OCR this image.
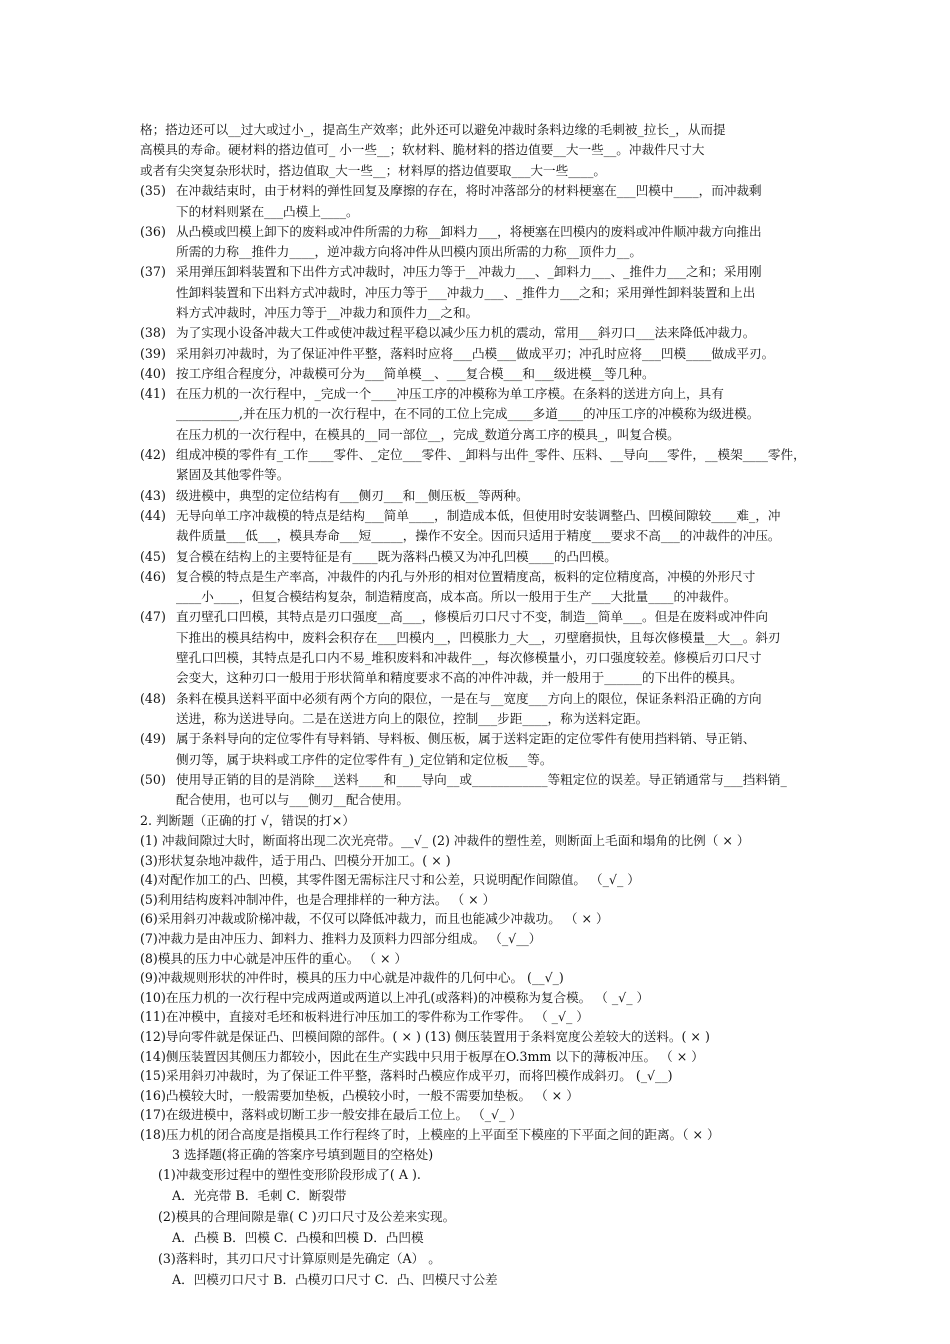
格；搭边还可以__过大或过小_，提高生产效率；此外还可以避免冲裁时条料边缘的毛刺被_拉长_，从而提
高模具的寿命。硬材料的搭边值可_ 小一些__；软材料、脆材料的搭边值要__大一些__。冲裁件尺寸大
或者有尖突复杂形状时，搭边值取_大一些__；材料厚的搭边值要取___大一些____。
(35) 在冲裁结束时，由于材料的弹性回复及摩擦的存在，将时冲落部分的材料梗塞在___凹模中____，而冲裁剩
下的材料则紧在___凸模上____。
(36) 从凸模或凹模上卸下的废料或冲件所需的力称__卸料力___，将梗塞在凹模内的废料或冲件顺冲裁方向推出
所需的力称__推件力____，逆冲裁方向将冲件从凹模内顶出所需的力称__顶件力__。
(37) 采用弹压卸料装置和下出件方式冲裁时，冲压力等于__冲裁力___、_卸料力___、_推件力___之和；采用刚
性卸料装置和下出料方式冲裁时，冲压力等于___冲裁力___、_推件力___之和；采用弹性卸料装置和上出
料方式冲裁时，冲压力等于__冲裁力和顶件力__之和。
(38) 为了实现小设备冲裁大工件或使冲裁过程平稳以减少压力机的震动，常用___斜刃口___法来降低冲裁力。
(39) 采用斜刃冲裁时，为了保证冲件平整，落料时应将___凸模___做成平刃；冲孔时应将___凹模____做成平刃。
(40) 按工序组合程度分，冲裁模可分为___简单模__、___复合模___和___级进模__等几种。
(41) 在压力机的一次行程中，_完成一个____冲压工序的冲模称为单工序模。在条料的送进方向上，具有
__________,并在压力机的一次行程中，在不同的工位上完成____多道____的冲压工序的冲模称为级进模。
在压力机的一次行程中，在模具的__同一部位__，完成_数道分离工序的模具_，叫复合模。
(42) 组成冲模的零件有_工作____零件、_定位___零件、_卸料与出件_零件、压料、__导向___零件，__模架____零件，
紧固及其他零件等。
(43) 级进模中，典型的定位结构有___侧刃___和__侧压板__等两种。
(44) 无导向单工序冲裁模的特点是结构___简单____，制造成本低，但使用时安装调整凸、凹模间隙较____难_，冲
裁件质量___低___，模具寿命___短_____，操作不安全。因而只适用于精度___要求不高___的冲裁件的冲压。
(45) 复合模在结构上的主要特征是有____既为落料凸模又为冲孔凹模____的凸凹模。
(46) 复合模的特点是生产率高，冲裁件的内孔与外形的相对位置精度高，板料的定位精度高，冲模的外形尺寸
____小____，但复合模结构复杂，制造精度高，成本高。所以一般用于生产___大批量____的冲裁件。
(47) 直刃壁孔口凹模，其特点是刃口强度__高___，修模后刃口尺寸不变，制造__简单___。但是在废料或冲件向
下推出的模具结构中，废料会积存在___凹模内__，凹模胀力_大__，刃壁磨损快，且每次修模量__大__。斜刃
壁孔口凹模，其特点是孔口内不易_堆积废料和冲裁件__，每次修模量小，刃口强度较差。修模后刃口尺寸
会变大，这种刃口一般用于形状简单和精度要求不高的冲件冲裁，并一般用于______的下出件的模具。
(48) 条料在模具送料平面中必须有两个方向的限位，一是在与__宽度___方向上的限位，保证条料沿正确的方向
送进，称为送进导向。二是在送进方向上的限位，控制___步距____，称为送料定距。
(49) 属于条料导向的定位零件有导料销、导料板、侧压板，属于送料定距的定位零件有使用挡料销、导正销、
侧刃等，属于块料或工序件的定位零件有_)_定位销和定位板___等。
(50) 使用导正销的目的是消除___送料____和____导向__或____________等粗定位的误差。导正销通常与___挡料销_
配合使用，也可以与___侧刃__配合使用。
2. 判断题（正确的打 √，错误的打×）
(1) 冲裁间隙过大时，断面将出现二次光亮带。__√_ (2) 冲裁件的塑性差，则断面上毛面和塌角的比例（ × ）
(3)形状复杂地冲裁件，适于用凸、凹模分开加工。( × )
(4)对配作加工的凸、凹模，其零件图无需标注尺寸和公差，只说明配作间隙值。 （_√_ ）
(5)利用结构废料冲制冲件，也是合理排样的一种方法。 （ × ）
(6)采用斜刃冲裁或阶梯冲裁，不仅可以降低冲裁力，而且也能减少冲裁功。 （ × ）
(7)冲裁力是由冲压力、卸料力、推料力及顶料力四部分组成。 （_√__）
(8)模具的压力中心就是冲压件的重心。 （ × ）
(9)冲裁规则形状的冲件时，模具的压力中心就是冲裁件的几何中心。 (__√_)
(10)在压力机的一次行程中完成两道或两道以上冲孔(或落料)的冲模称为复合模。 （ _√_ ）
(11)在冲模中，直接对毛坯和板料进行冲压加工的零件称为工作零件。 （ _√_ ）
(12)导向零件就是保证凸、凹模间隙的部件。( × ) (13) 侧压装置用于条料宽度公差较大的送料。( × )
(14)侧压装置因其侧压力都较小，因此在生产实践中只用于板厚在O.3mm 以下的薄板冲压。 （ × ）
(15)采用斜刃冲裁时，为了保证工件平整，落料时凸模应作成平刃，而将凹模作成斜刃。 (_√__)
(16)凸模较大时，一般需要加垫板，凸模较小时，一般不需要加垫板。 （ × ）
(17)在级进模中，落料或切断工步一般安排在最后工位上。 （_√_ ）
(18)压力机的闭合高度是指模具工作行程终了时，上模座的上平面至下模座的下平面之间的距离。（ × ）
3 选择题(将正确的答案序号填到题目的空格处)
(1)冲裁变形过程中的塑性变形阶段形成了( A ).
A．光亮带 B．毛刺 C．断裂带
(2)模具的合理间隙是靠( C )刃口尺寸及公差来实现。
A．凸模 B．凹模 C．凸模和凹模 D．凸凹模
(3)落料时，其刃口尺寸计算原则是先确定（A） 。
A．凹模刃口尺寸 B．凸模刃口尺寸 C．凸、凹模尺寸公差
